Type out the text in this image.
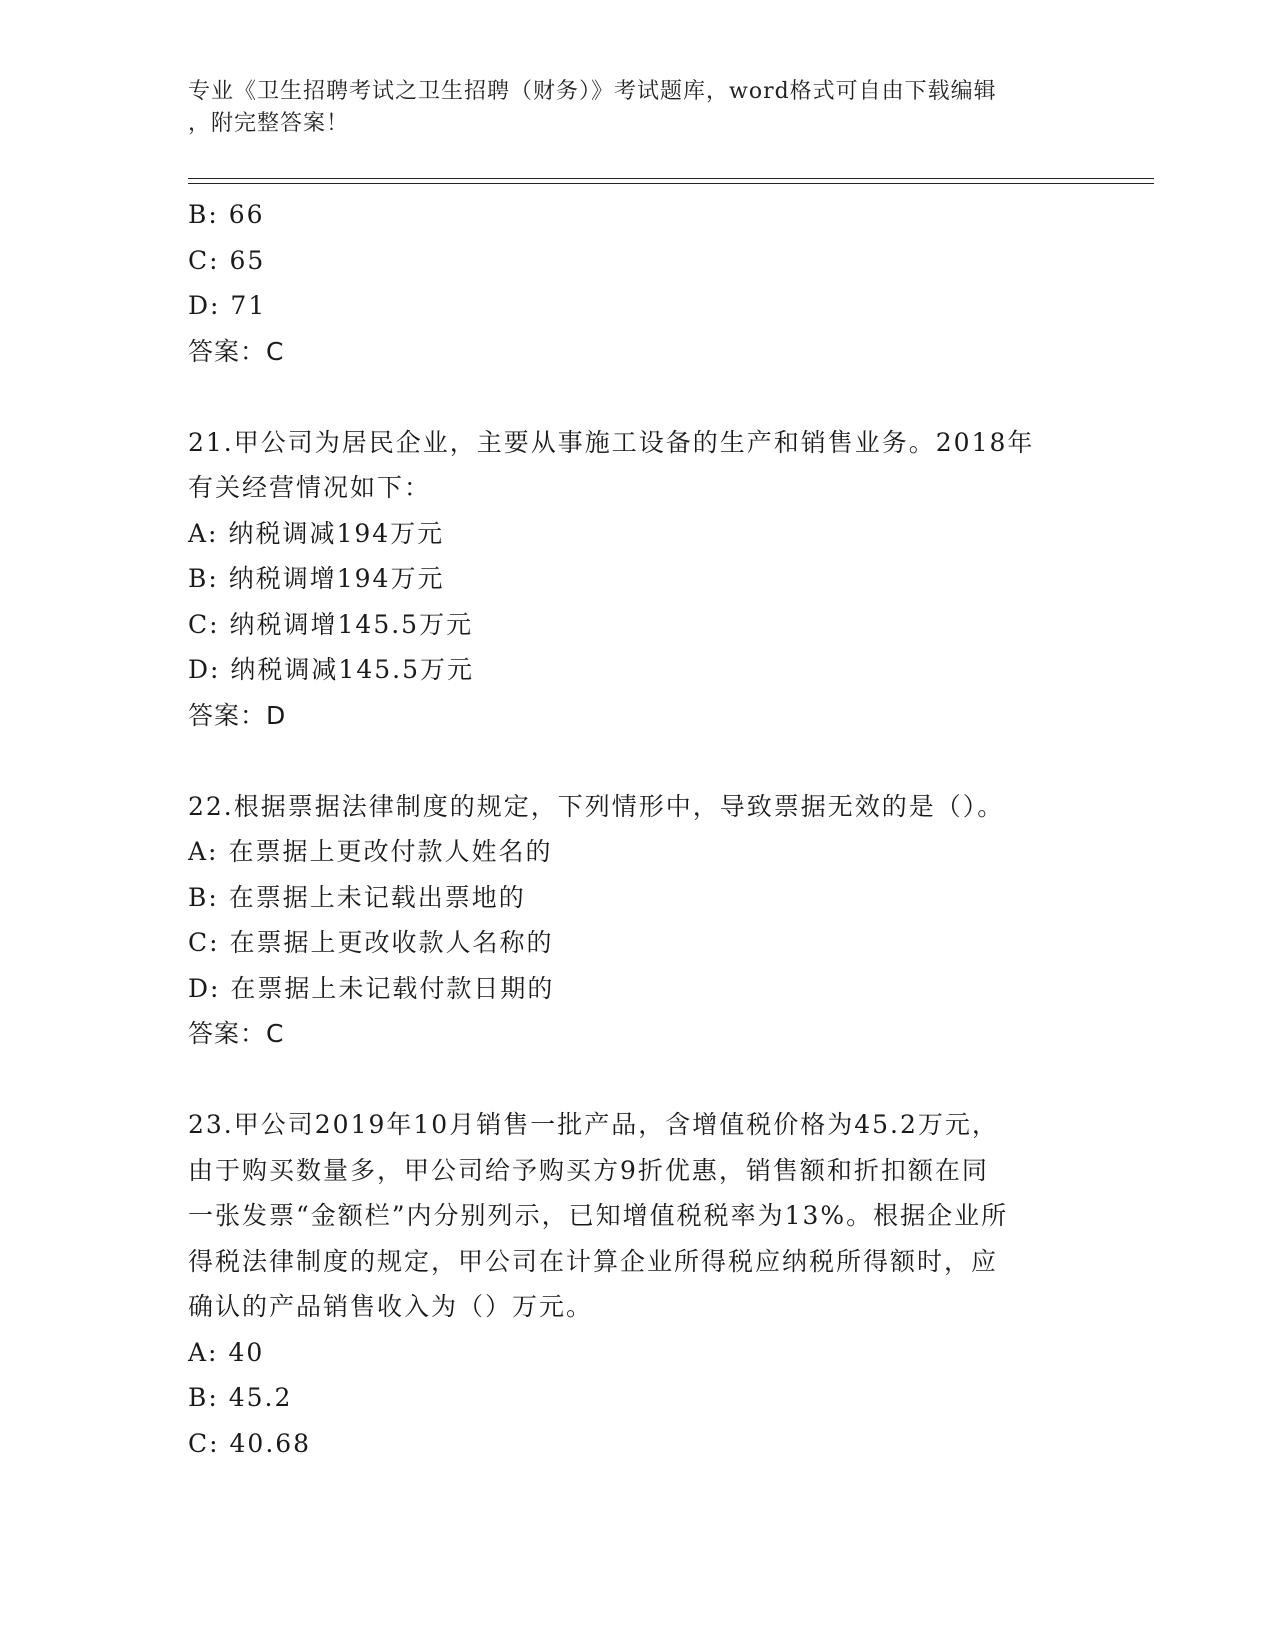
专业《卫生招聘考试之卫生招聘（财务）》考试题库，word格式可自由下载编辑
，附完整答案！
B: 66
C: 65
D: 71
答案：C
21.甲公司为居民企业，主要从事施工设备的生产和销售业务。2018年
有关经营情况如下：
A: 纳税调减194万元
B: 纳税调增194万元
C: 纳税调增145.5万元
D: 纳税调减145.5万元
答案：D
22.根据票据法律制度的规定，下列情形中，导致票据无效的是（）。
A: 在票据上更改付款人姓名的
B: 在票据上未记载出票地的
C: 在票据上更改收款人名称的
D: 在票据上未记载付款日期的
答案：C
23.甲公司2019年10月销售一批产品，含增值税价格为45.2万元，
由于购买数量多，甲公司给予购买方9折优惠，销售额和折扣额在同
一张发票“金额栏”内分别列示，已知增值税税率为13%。根据企业所
得税法律制度的规定，甲公司在计算企业所得税应纳税所得额时，应
确认的产品销售收入为（）万元。
A: 40
B: 45.2
C: 40.68
